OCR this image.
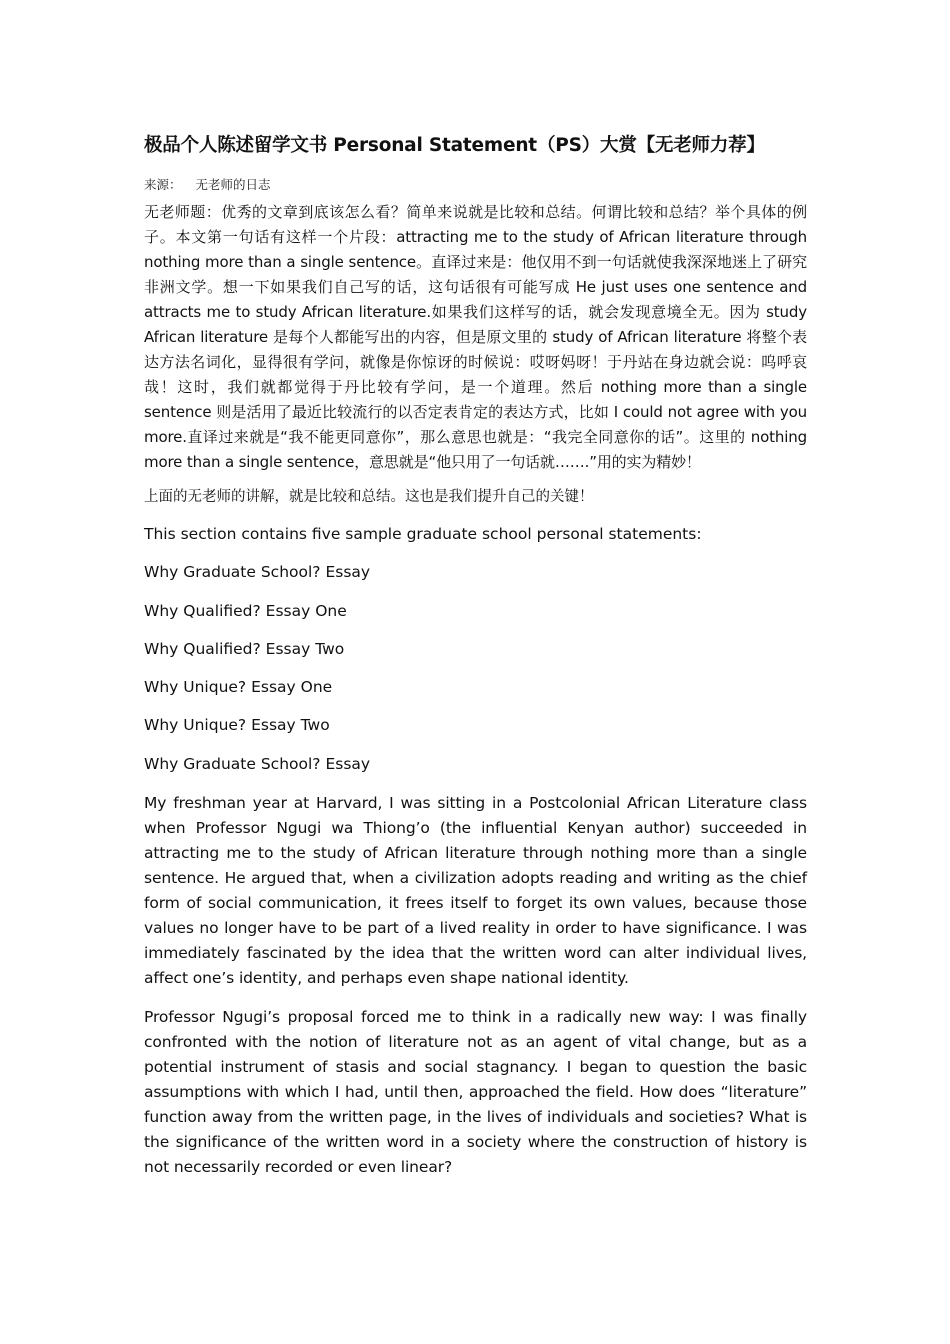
极品个人陈述留学文书 Personal Statement（PS）大赏【无老师力荐】

来源： 无老师的日志

无老师题：优秀的文章到底该怎么看？简单来说就是比较和总结。何谓比较和总结？举个具体的例子。本文第一句话有这样一个片段：attracting me to the study of African literature through nothing more than a single sentence。直译过来是：他仅用不到一句话就使我深深地迷上了研究非洲文学。想一下如果我们自己写的话，这句话很有可能写成 He just uses one sentence and attracts me to study African literature.如果我们这样写的话，就会发现意境全无。因为 study African literature 是每个人都能写出的内容，但是原文里的 study of African literature 将整个表达方法名词化，显得很有学问，就像是你惊讶的时候说：哎呀妈呀！于丹站在身边就会说：呜呼哀哉！这时，我们就都觉得于丹比较有学问，是一个道理。然后 nothing more than a single sentence 则是活用了最近比较流行的以否定表肯定的表达方式，比如 I could not agree with you more.直译过来就是“我不能更同意你”，那么意思也就是：“我完全同意你的话”。这里的 nothing more than a single sentence，意思就是“他只用了一句话就…….”用的实为精妙！

上面的无老师的讲解，就是比较和总结。这也是我们提升自己的关键！

This section contains five sample graduate school personal statements:

Why Graduate School? Essay

Why Qualified? Essay One

Why Qualified? Essay Two

Why Unique? Essay One

Why Unique? Essay Two

Why Graduate School? Essay

My freshman year at Harvard, I was sitting in a Postcolonial African Literature class when Professor Ngugi wa Thiong’o (the influential Kenyan author) succeeded in attracting me to the study of African literature through nothing more than a single sentence. He argued that, when a civilization adopts reading and writing as the chief form of social communication, it frees itself to forget its own values, because those values no longer have to be part of a lived reality in order to have significance. I was immediately fascinated by the idea that the written word can alter individual lives, affect one’s identity, and perhaps even shape national identity.

Professor Ngugi’s proposal forced me to think in a radically new way: I was finally confronted with the notion of literature not as an agent of vital change, but as a potential instrument of stasis and social stagnancy. I began to question the basic assumptions with which I had, until then, approached the field. How does “literature” function away from the written page, in the lives of individuals and societies? What is the significance of the written word in a society where the construction of history is not necessarily recorded or even linear?
